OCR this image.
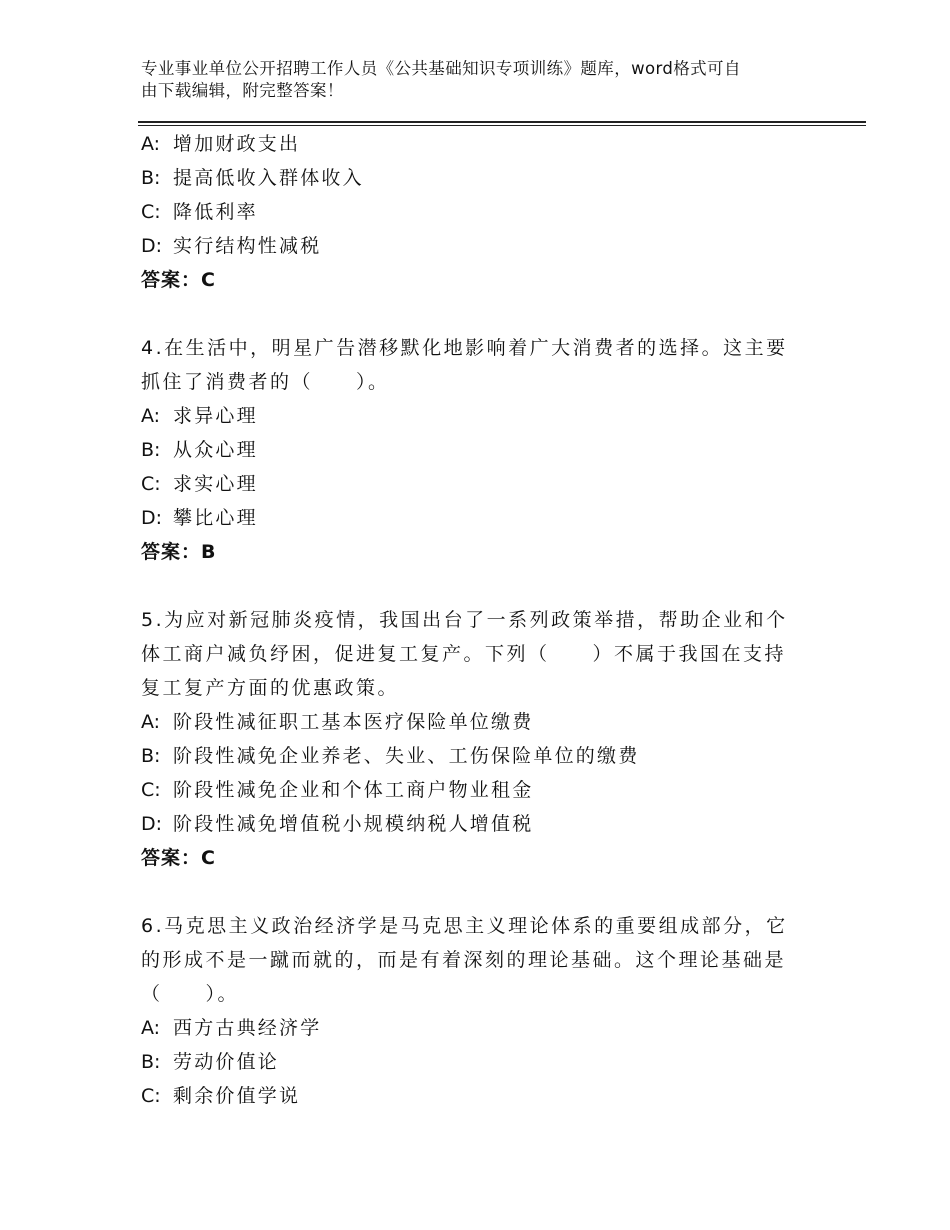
专业事业单位公开招聘工作人员《公共基础知识专项训练》题库，word格式可自
由下载编辑，附完整答案！
A: 增加财政支出
B: 提高低收入群体收入
C: 降低利率
D: 实行结构性减税
答案：C
4.在生活中，明星广告潜移默化地影响着广大消费者的选择。这主要
抓住了消费者的（　　）。
A: 求异心理
B: 从众心理
C: 求实心理
D: 攀比心理
答案：B
5.为应对新冠肺炎疫情，我国出台了一系列政策举措，帮助企业和个
体工商户减负纾困，促进复工复产。下列（　　）不属于我国在支持
复工复产方面的优惠政策。
A: 阶段性减征职工基本医疗保险单位缴费
B: 阶段性减免企业养老、失业、工伤保险单位的缴费
C: 阶段性减免企业和个体工商户物业租金
D: 阶段性减免增值税小规模纳税人增值税
答案：C
6.马克思主义政治经济学是马克思主义理论体系的重要组成部分，它
的形成不是一蹴而就的，而是有着深刻的理论基础。这个理论基础是
（　　）。
A: 西方古典经济学
B: 劳动价值论
C: 剩余价值学说
